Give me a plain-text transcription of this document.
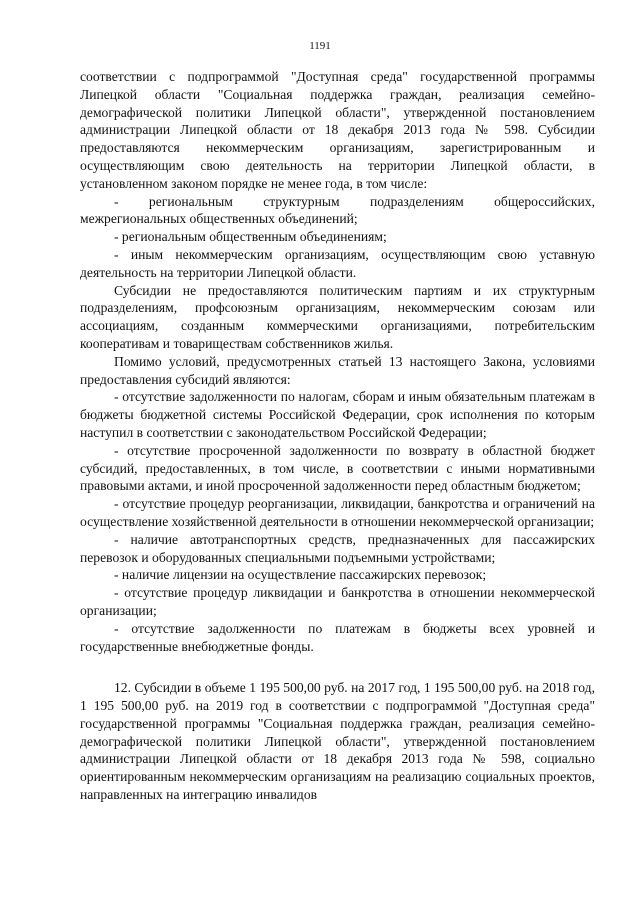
1191

соответствии с подпрограммой "Доступная среда" государственной программы Липецкой области "Социальная поддержка граждан, реализация семейно-демографической политики Липецкой области", утвержденной постановлением администрации Липецкой области от 18 декабря 2013 года № 598. Субсидии предоставляются некоммерческим организациям, зарегистрированным и осуществляющим свою деятельность на территории Липецкой области, в установленном законом порядке не менее года, в том числе:

- региональным структурным подразделениям общероссийских, межрегиональных общественных объединений;

- региональным общественным объединениям;

- иным некоммерческим организациям, осуществляющим свою уставную деятельность на территории Липецкой области.

Субсидии не предоставляются политическим партиям и их структурным подразделениям, профсоюзным организациям, некоммерческим союзам или ассоциациям, созданным коммерческими организациями, потребительским кооперативам и товариществам собственников жилья.

Помимо условий, предусмотренных статьей 13 настоящего Закона, условиями предоставления субсидий являются:

- отсутствие задолженности по налогам, сборам и иным обязательным платежам в бюджеты бюджетной системы Российской Федерации, срок исполнения по которым наступил в соответствии с законодательством Российской Федерации;

- отсутствие просроченной задолженности по возврату в областной бюджет субсидий, предоставленных, в том числе, в соответствии с иными нормативными правовыми актами, и иной просроченной задолженности перед областным бюджетом;

- отсутствие процедур реорганизации, ликвидации, банкротства и ограничений на осуществление хозяйственной деятельности в отношении некоммерческой организации;

- наличие автотранспортных средств, предназначенных для пассажирских перевозок и оборудованных специальными подъемными устройствами;

- наличие лицензии на осуществление пассажирских перевозок;

- отсутствие процедур ликвидации и банкротства в отношении некоммерческой организации;

- отсутствие задолженности по платежам в бюджеты всех уровней и государственные внебюджетные фонды.

12. Субсидии в объеме 1 195 500,00 руб. на 2017 год, 1 195 500,00 руб. на 2018 год, 1 195 500,00 руб. на 2019 год в соответствии с подпрограммой "Доступная среда" государственной программы "Социальная поддержка граждан, реализация семейно-демографической политики Липецкой области", утвержденной постановлением администрации Липецкой области от 18 декабря 2013 года № 598, социально ориентированным некоммерческим организациям на реализацию социальных проектов, направленных на интеграцию инвалидов
